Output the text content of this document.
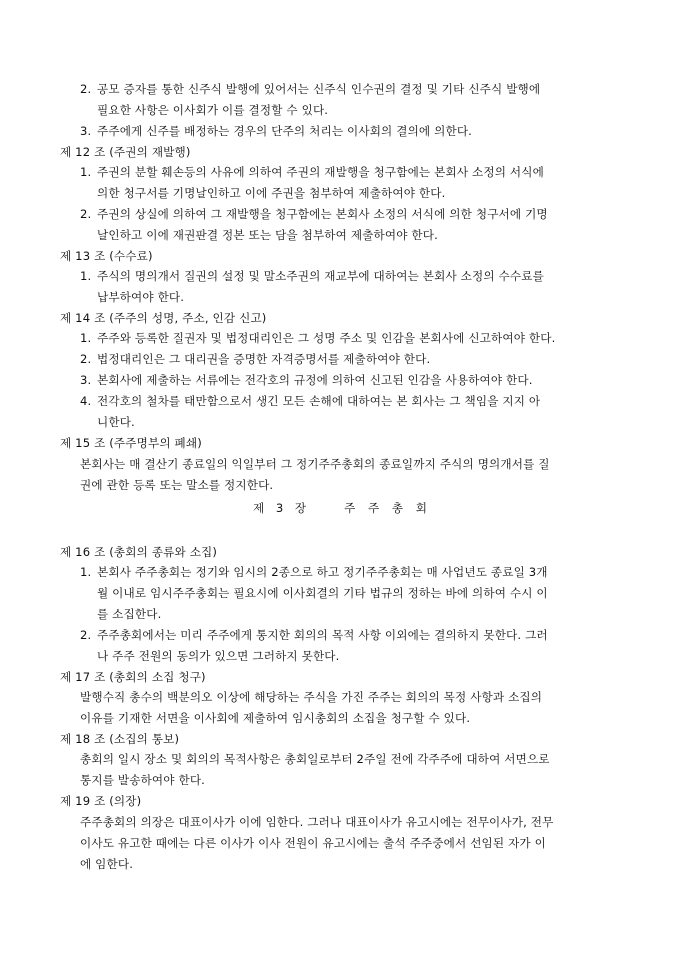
2. 공모 증자를 통한 신주식 발행에 있어서는 신주식 인수권의 결정 및 기타 신주식 발행에
필요한 사항은 이사회가 이를 결정할 수 있다.
3. 주주에게 신주를 배정하는 경우의 단주의 처리는 이사회의 결의에 의한다.
제 12 조 (주권의 재발행)
1. 주권의 분할 훼손등의 사유에 의하여 주권의 재발행을 청구함에는 본회사 소정의 서식에
의한 청구서를 기명날인하고 이에 주권을 첨부하여 제출하여야 한다.
2. 주권의 상실에 의하여 그 재발행을 청구함에는 본회사 소정의 서식에 의한 청구서에 기명
날인하고 이에 재권판결 정본 또는 담을 첨부하여 제출하여야 한다.
제 13 조 (수수료)
1. 주식의 명의개서 질권의 설정 및 말소주권의 재교부에 대하여는 본회사 소정의 수수료를
납부하여야 한다.
제 14 조 (주주의 성명, 주소, 인감 신고)
1. 주주와 등록한 질권자 및 법정대리인은 그 성명 주소 및 인감을 본회사에 신고하여야 한다.
2. 법정대리인은 그 대리권을 증명한 자격증명서를 제출하여야 한다.
3. 본회사에 제출하는 서류에는 전각호의 규정에 의하여 신고된 인감을 사용하여야 한다.
4. 전각호의 철차를 태만함으로서 생긴 모든 손해에 대하여는 본 회사는 그 책임을 지지 아
니한다.
제 15 조 (주주명부의 폐쇄)
본회사는 매 결산기 종료일의 익일부터 그 정기주주총회의 종료일까지 주식의 명의개서를 질
권에 관한 등록 또는 말소를 정지한다.
제 3 장	주 주 총 회
제 16 조 (총회의 종류와 소집)
1. 본회사 주주총회는 정기와 임시의 2종으로 하고 정기주주총회는 매 사업년도 종료일 3개
월 이내로 임시주주총회는 필요시에 이사회결의 기타 법규의 정하는 바에 의하여 수시 이
를 소집한다.
2. 주주총회에서는 미리 주주에게 통지한 회의의 목적 사항 이외에는 결의하지 못한다. 그러
나 주주 전원의 동의가 있으면 그러하지 못한다.
제 17 조 (총회의 소집 청구)
발행수직 총수의 백분의오 이상에 해당하는 주식을 가진 주주는 회의의 목정 사항과 소집의
이유를 기재한 서면을 이사회에 제출하여 임시총회의 소집을 청구할 수 있다.
제 18 조 (소집의 통보)
총회의 일시 장소 및 회의의 목적사항은 총회일로부터 2주일 전에 각주주에 대하여 서면으로
통지를 발송하여야 한다.
제 19 조 (의장)
주주총회의 의장은 대표이사가 이에 임한다. 그러나 대표이사가 유고시에는 전무이사가, 전무
이사도 유고한 때에는 다른 이사가 이사 전원이 유고시에는 출석 주주중에서 선임된 자가 이
에 임한다.
